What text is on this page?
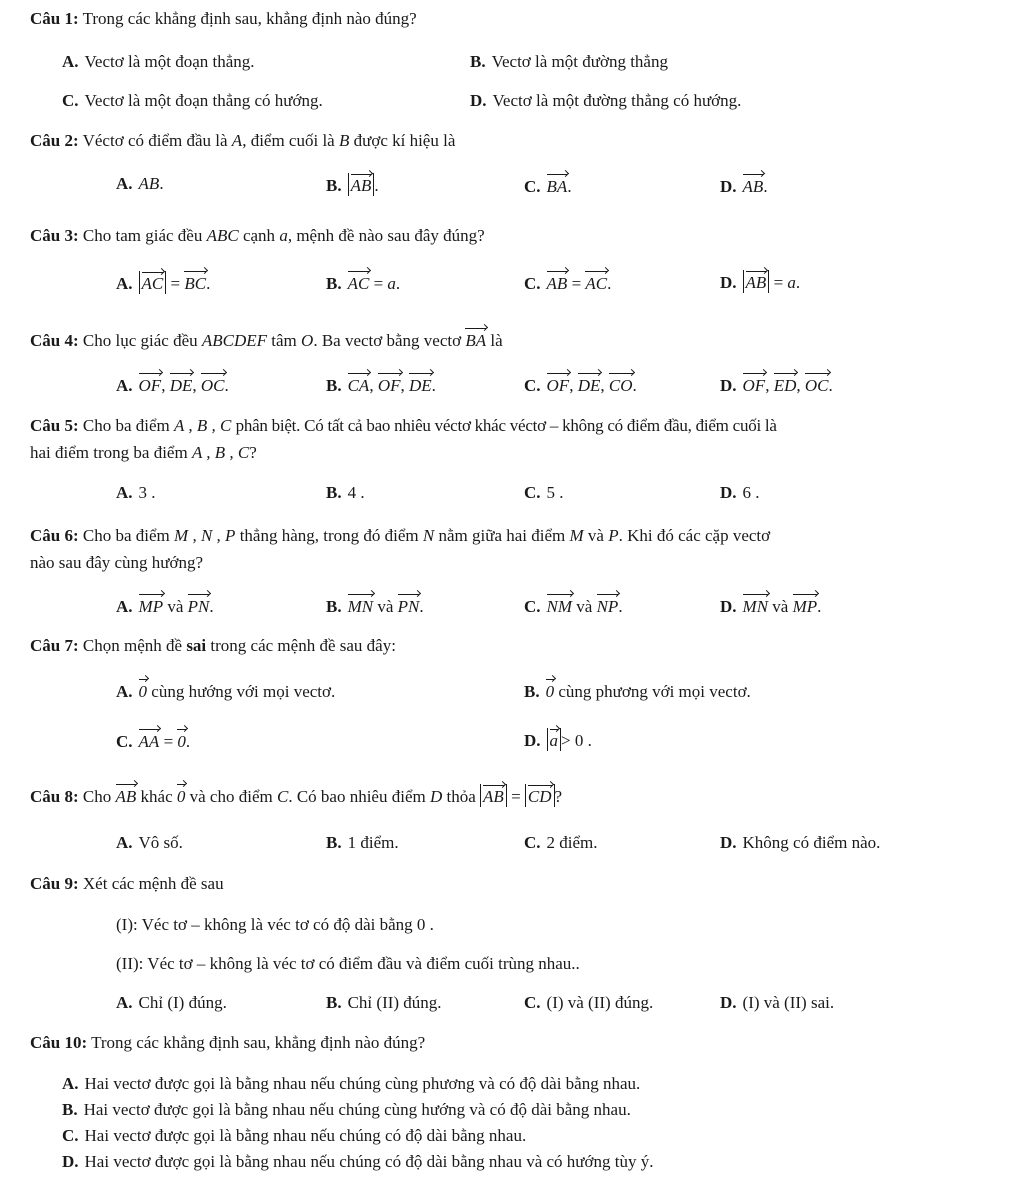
Câu 1: Trong các khẳng định sau, khẳng định nào đúng?
A. Vectơ là một đoạn thẳng.	B. Vectơ là một đường thẳng
C. Vectơ là một đoạn thẳng có hướng.	D. Vectơ là một đường thẳng có hướng.
Câu 2: Véctơ có điểm đầu là A, điểm cuối là B được kí hiệu là
A. AB.	B. AB .	C. BA.	D. AB.
Câu 3: Cho tam giác đều ABC cạnh a, mệnh đề nào sau đây đúng?
A. AC = BC.	B. AC = a.	C. AB = AC.	D. AB = a.
Câu 4: Cho lục giác đều ABCDEF tâm O. Ba vectơ bằng vectơ BA là
A. OF, DE, OC.	B. CA, OF, DE.	C. OF, DE, CO.	D. OF, ED, OC.
Câu 5: Cho ba điểm A , B , C phân biệt. Có tất cả bao nhiêu véctơ khác véctơ – không có điểm đầu, điểm cuối là
hai điểm trong ba điểm A , B , C?
A. 3 .	B. 4 .	C. 5 .	D. 6 .
Câu 6: Cho ba điểm M , N , P thẳng hàng, trong đó điểm N nằm giữa hai điểm M và P. Khi đó các cặp vectơ
nào sau đây cùng hướng?
A. MP và PN.	B. MN và PN.	C. NM và NP.	D. MN và MP.
Câu 7: Chọn mệnh đề sai trong các mệnh đề sau đây:
A. 0 cùng hướng với mọi vectơ.	B. 0 cùng phương với mọi vectơ.
C. AA = 0.	D. a > 0 .
Câu 8: Cho AB khác 0 và cho điểm C. Có bao nhiêu điểm D thỏa AB = CD ?
A. Vô số.	B. 1 điểm.	C. 2 điểm.	D. Không có điểm nào.
Câu 9: Xét các mệnh đề sau
(I): Véc tơ – không là véc tơ có độ dài bằng 0 .
(II): Véc tơ – không là véc tơ có điểm đầu và điểm cuối trùng nhau..
A. Chỉ (I) đúng.	B. Chỉ (II) đúng.	C. (I) và (II) đúng.	D. (I) và (II) sai.
Câu 10: Trong các khẳng định sau, khẳng định nào đúng?
A. Hai vectơ được gọi là bằng nhau nếu chúng cùng phương và có độ dài bằng nhau.
B. Hai vectơ được gọi là bằng nhau nếu chúng cùng hướng và có độ dài bằng nhau.
C. Hai vectơ được gọi là bằng nhau nếu chúng có độ dài bằng nhau.
D. Hai vectơ được gọi là bằng nhau nếu chúng có độ dài bằng nhau và có hướng tùy ý.
